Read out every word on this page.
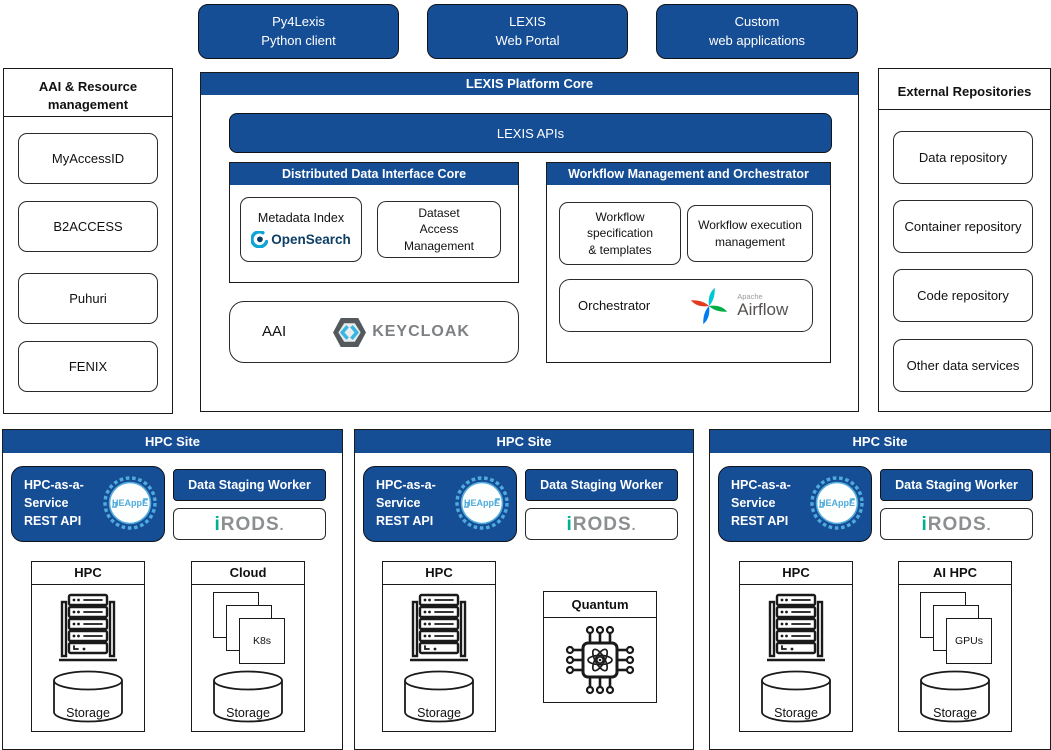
Py4Lexis
Python client
LEXIS
Web Portal
Custom
web applications
AAI & Resource
management
MyAccessID
B2ACCESS
Puhuri
FENIX
External Repositories
Data repository
Container repository
Code repository
Other data services
LEXIS Platform Core
LEXIS APIs
Distributed Data Interface Core
Metadata Index
OpenSearch
Dataset
Access
Management
AAI	KEYCLOAK
Workflow Management and Orchestrator
Workflow
specification
& templates
Workflow execution
management
Orchestrator
Apache
Airflow
HPC Site
HPC-as-a-
Service
REST API
HEAppE
Data Staging Worker
iRODS.
HPC
Storage
Cloud
K8s
Storage
HPC Site
HPC-as-a-
Service
REST API
HEAppE
Data Staging Worker
iRODS.
HPC
Storage
Quantum
HPC Site
HPC-as-a-
Service
REST API
HEAppE
Data Staging Worker
iRODS.
HPC
Storage
AI HPC
GPUs
Storage
